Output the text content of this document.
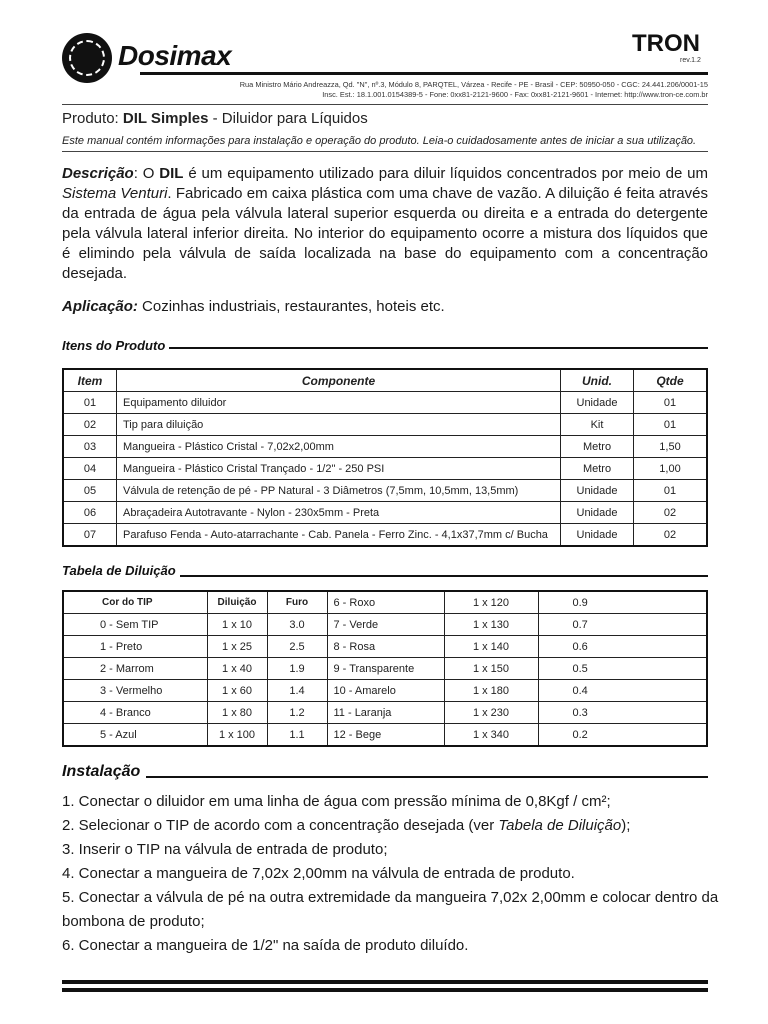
Dosimax	TRON
rev.1.2
Rua Ministro Mário Andreazza, Qd. "N", nº.3, Módulo 8, PARQTEL, Várzea - Recife - PE - Brasil - CEP: 50950-050 - CGC: 24.441.206/0001-15
Insc. Est.: 18.1.001.0154389-5 - Fone: 0xx81-2121-9600 - Fax: 0xx81-2121-9601 - Internet: http://www.tron-ce.com.br
Produto: DIL Simples - Diluidor para Líquidos
Este manual contém informações para instalação e operação do produto. Leia-o cuidadosamente antes de iniciar a sua utilização.
Descrição: O DIL é um equipamento utilizado para diluir líquidos concentrados por meio de um Sistema Venturi. Fabricado em caixa plástica com uma chave de vazão. A diluição é feita através da entrada de água pela válvula lateral superior esquerda ou direita e a entrada do detergente pela válvula lateral inferior direita. No interior do equipamento ocorre a mistura dos líquidos que é elimindo pela válvula de saída localizada na base do equipamento com a concentração desejada.
Aplicação: Cozinhas industriais, restaurantes, hoteis etc.
Itens do Produto
Item	Componente	Unid.	Qtde
01	Equipamento diluidor	Unidade	01
02	Tip para diluição	Kit	01
03	Mangueira - Plástico Cristal - 7,02x2,00mm	Metro	1,50
04	Mangueira - Plástico Cristal Trançado - 1/2" - 250 PSI	Metro	1,00
05	Válvula de retenção de pé - PP Natural - 3 Diâmetros (7,5mm, 10,5mm, 13,5mm)	Unidade	01
06	Abraçadeira Autotravante - Nylon - 230x5mm - Preta	Unidade	02
07	Parafuso Fenda - Auto-atarrachante - Cab. Panela - Ferro Zinc. - 4,1x37,7mm c/ Bucha	Unidade	02
Tabela de Diluição
Cor do TIP	Diluição	Furo	6 - Roxo	1 x 120	0.9
0 - Sem TIP	1 x 10	3.0	7 - Verde	1 x 130	0.7
1 - Preto	1 x 25	2.5	8 - Rosa	1 x 140	0.6
2 - Marrom	1 x 40	1.9	9 - Transparente	1 x 150	0.5
3 - Vermelho	1 x 60	1.4	10 - Amarelo	1 x 180	0.4
4 - Branco	1 x 80	1.2	11 - Laranja	1 x 230	0.3
5 - Azul	1 x 100	1.1	12 - Bege	1 x 340	0.2
Instalação

1. Conectar o diluidor em uma linha de água com pressão mínima de 0,8Kgf / cm²;

2. Selecionar o TIP de acordo com a concentração desejada (ver Tabela de Diluição);

3. Inserir o TIP na válvula de entrada de produto;

4. Conectar a mangueira de 7,02x 2,00mm na válvula de entrada de produto.

5. Conectar a válvula de pé na outra extremidade da mangueira 7,02x 2,00mm e colocar dentro da bombona de produto;

6. Conectar a mangueira de 1/2" na saída de produto diluído.
